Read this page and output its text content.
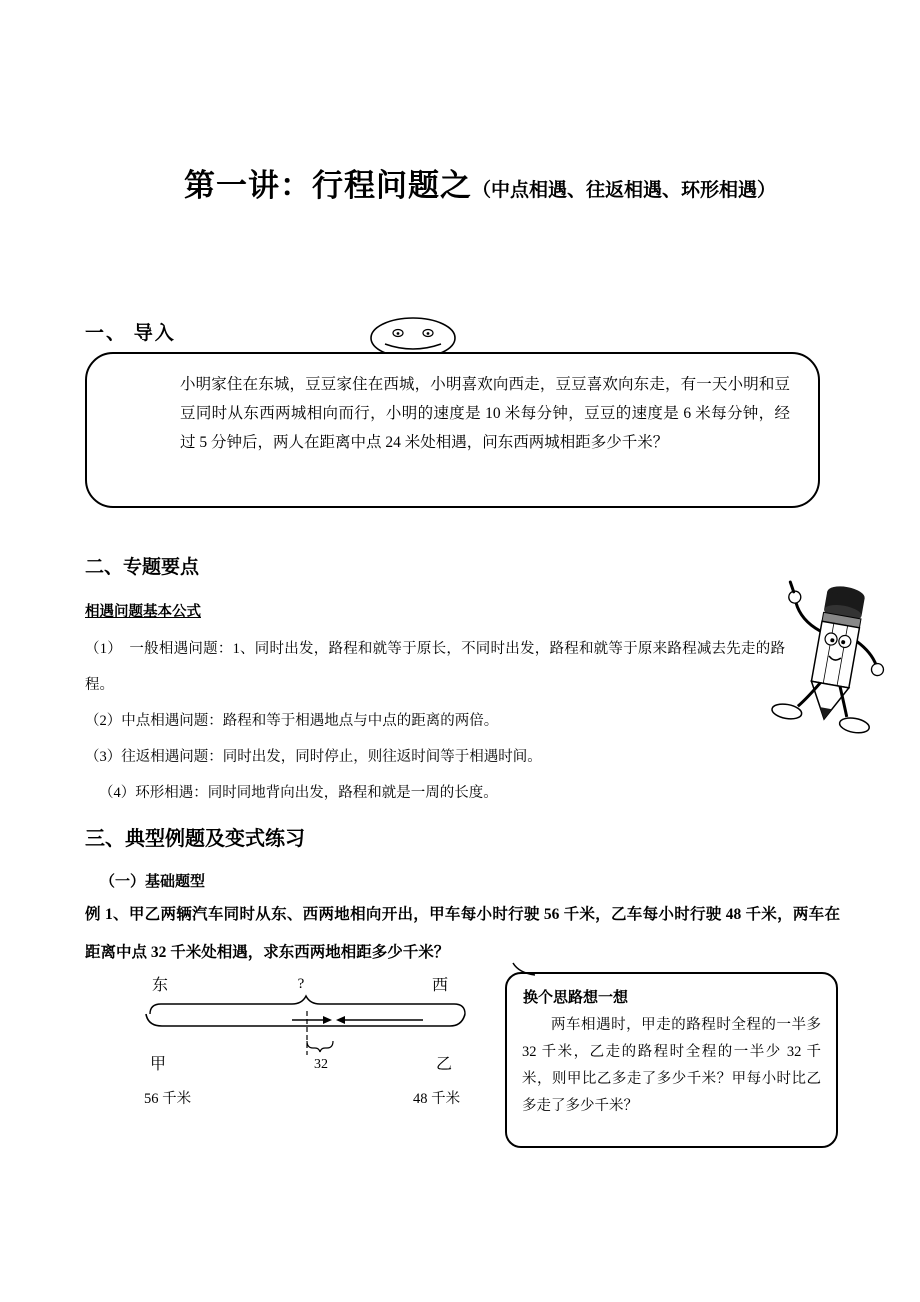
第一讲：行程问题之（中点相遇、往返相遇、环形相遇）
一、 导入

小明家住在东城，豆豆家住在西城，小明喜欢向西走，豆豆喜欢向东走，有一天小明和豆豆同时从东西两城相向而行，小明的速度是 10 米每分钟，豆豆的速度是 6 米每分钟，经过 5 分钟后，两人在距离中点 24 米处相遇，问东西两城相距多少千米？

二、专题要点
相遇问题基本公式

（1）　一般相遇问题：1、同时出发，路程和就等于原长，不同时出发，路程和就等于原来路程减去先走的路程。

（2）中点相遇问题：路程和等于相遇地点与中点的距离的两倍。

（3）往返相遇问题：同时出发，同时停止，则往返时间等于相遇时间。

（4）环形相遇：同时同地背向出发，路程和就是一周的长度。

三、典型例题及变式练习
（一）基础题型
例 1、甲乙两辆汽车同时从东、西两地相向开出，甲车每小时行驶 56 千米，乙车每小时行驶 48 千米，两车在距离中点 32 千米处相遇，求东西两地相距多少千米？
东	?	西
32
甲	乙
56 千米	48 千米
换个思路想一想

两车相遇时，甲走的路程时全程的一半多 32 千米，乙走的路程时全程的一半少 32 千米，则甲比乙多走了多少千米？甲每小时比乙多走了多少千米？
